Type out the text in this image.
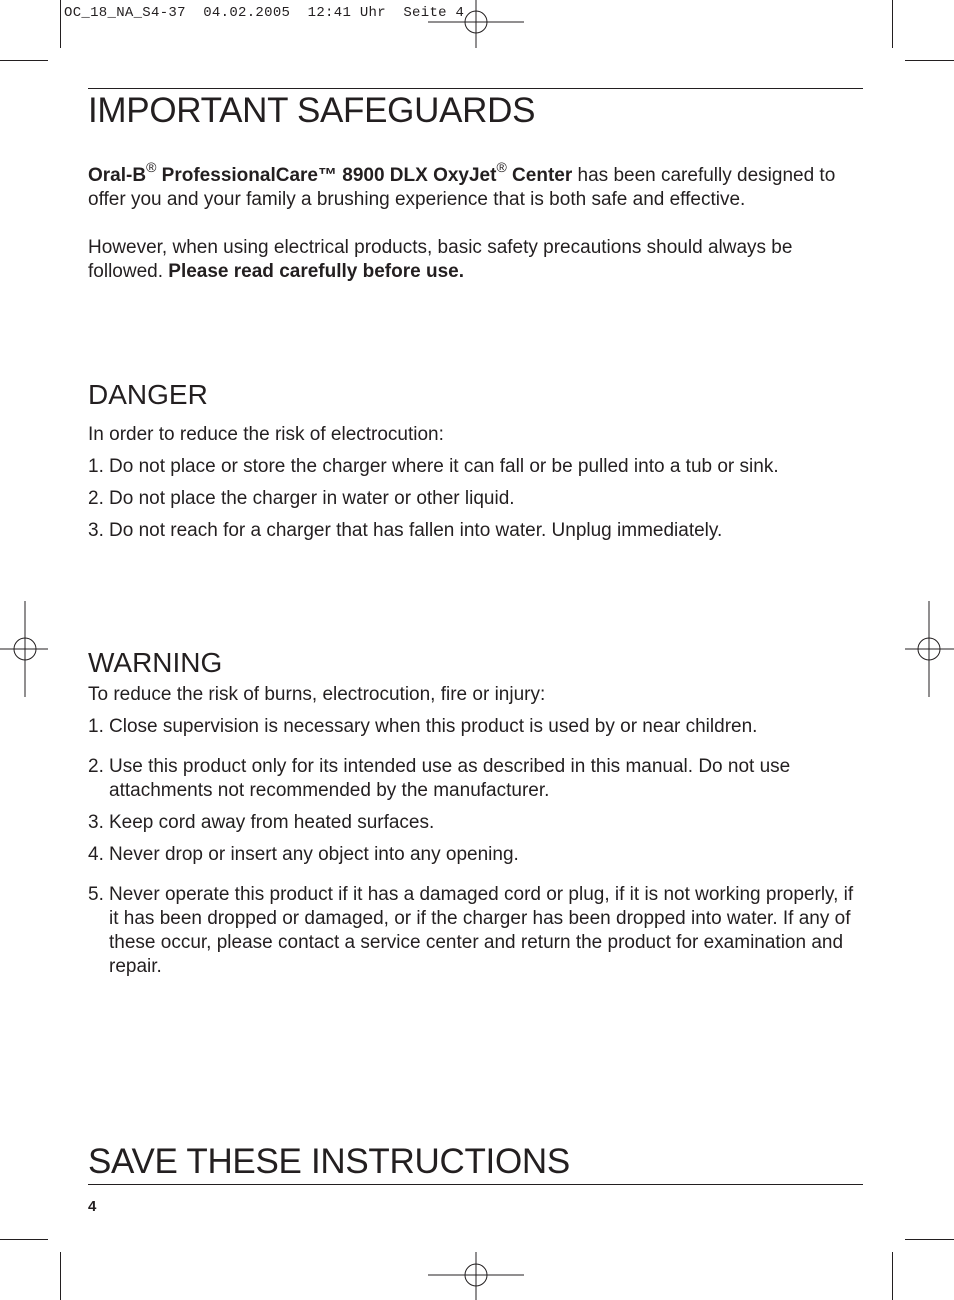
OC_18_NA_S4-37  04.02.2005  12:41 Uhr  Seite 4
IMPORTANT SAFEGUARDS

Oral-B® ProfessionalCare™ 8900 DLX OxyJet® Center has been carefully designed to offer you and your family a brushing experience that is both safe and effective.

However, when using electrical products, basic safety precautions should always be followed. Please read carefully before use.

DANGER

In order to reduce the risk of electrocution:

1. Do not place or store the charger where it can fall or be pulled into a tub or sink.
2. Do not place the charger in water or other liquid.
3. Do not reach for a charger that has fallen into water. Unplug immediately.
WARNING

To reduce the risk of burns, electrocution, fire or injury:

1. Close supervision is necessary when this product is used by or near children.
2. Use this product only for its intended use as described in this manual. Do not use attachments not recommended by the manufacturer.
3. Keep cord away from heated surfaces.
4. Never drop or insert any object into any opening.
5. Never operate this product if it has a damaged cord or plug, if it is not working properly, if it has been dropped or damaged, or if the charger has been dropped into water. If any of these occur, please contact a service center and return the product for examination and repair.
SAVE THESE INSTRUCTIONS
4
